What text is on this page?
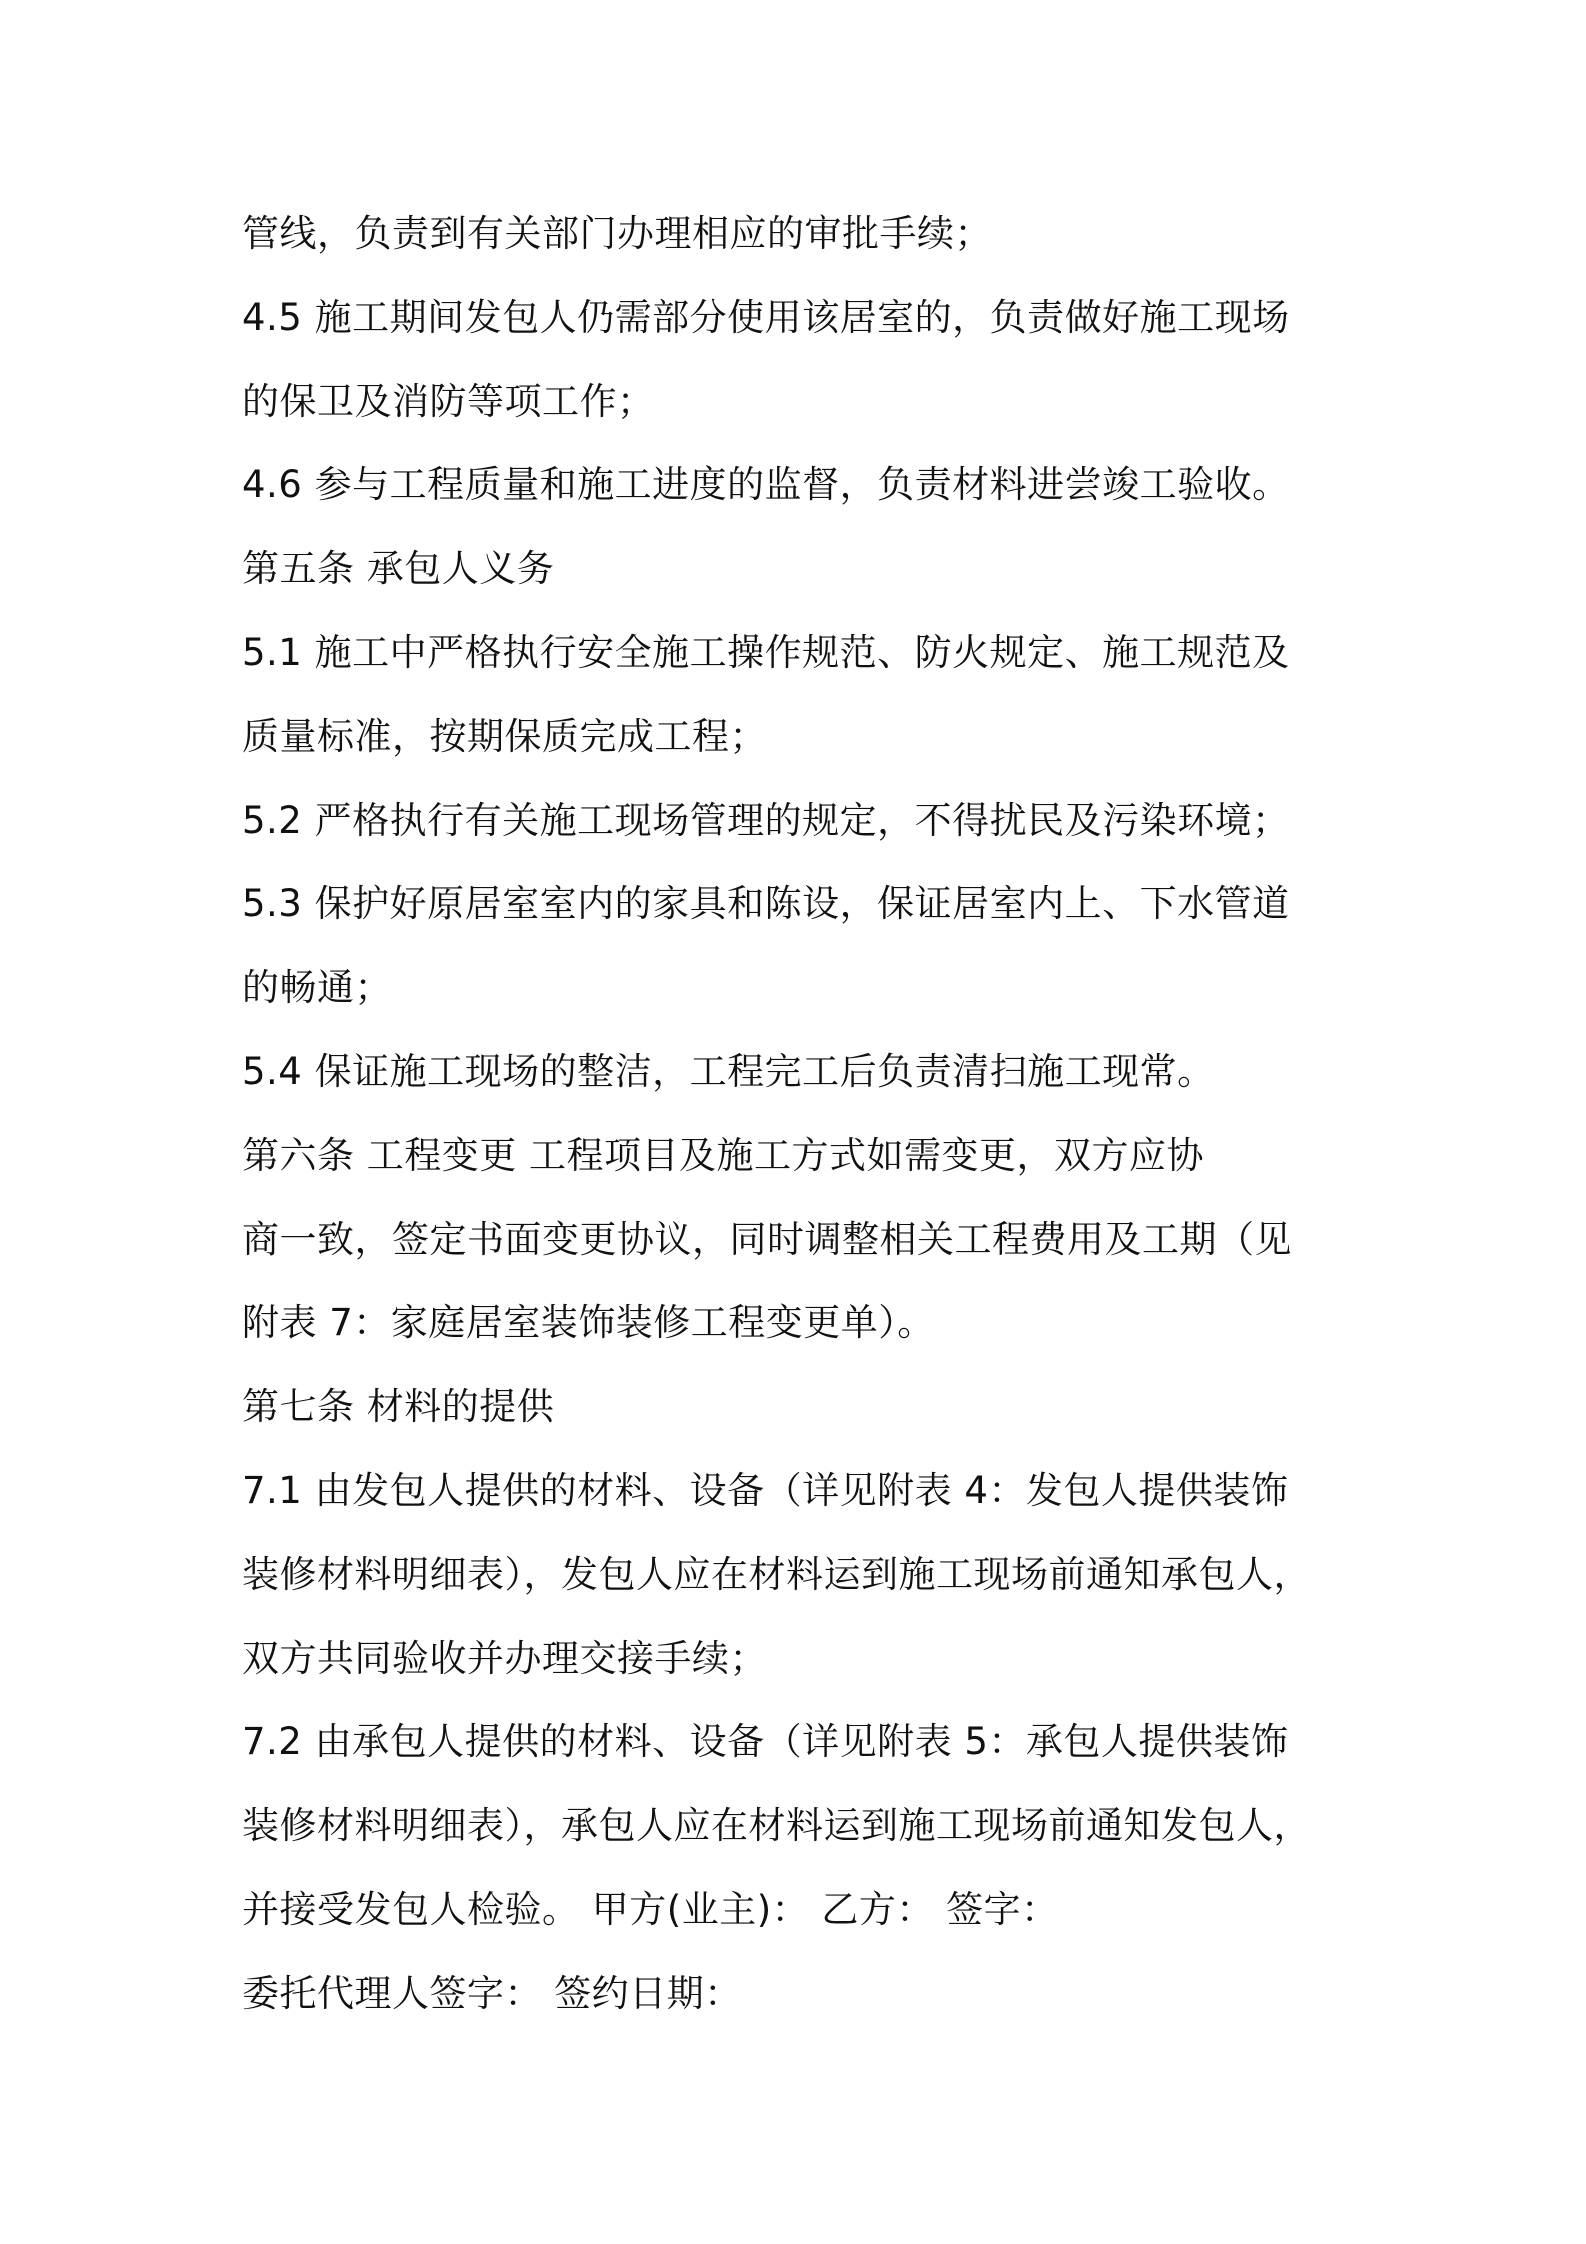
管线，负责到有关部门办理相应的审批手续；
4.5 施工期间发包人仍需部分使用该居室的，负责做好施工现场
的保卫及消防等项工作；
4.6 参与工程质量和施工进度的监督，负责材料进尝竣工验收。
第五条 承包人义务
5.1 施工中严格执行安全施工操作规范、防火规定、施工规范及
质量标准，按期保质完成工程；
5.2 严格执行有关施工现场管理的规定，不得扰民及污染环境；
5.3 保护好原居室室内的家具和陈设，保证居室内上、下水管道
的畅通；
5.4 保证施工现场的整洁，工程完工后负责清扫施工现常。
第六条 工程变更 工程项目及施工方式如需变更，双方应协
商一致，签定书面变更协议，同时调整相关工程费用及工期（见
附表 7：家庭居室装饰装修工程变更单）。
第七条 材料的提供
7.1 由发包人提供的材料、设备（详见附表 4：发包人提供装饰
装修材料明细表），发包人应在材料运到施工现场前通知承包人，
双方共同验收并办理交接手续；
7.2 由承包人提供的材料、设备（详见附表 5：承包人提供装饰
装修材料明细表），承包人应在材料运到施工现场前通知发包人，
并接受发包人检验。 甲方(业主)： 乙方： 签字：
委托代理人签字： 签约日期：
